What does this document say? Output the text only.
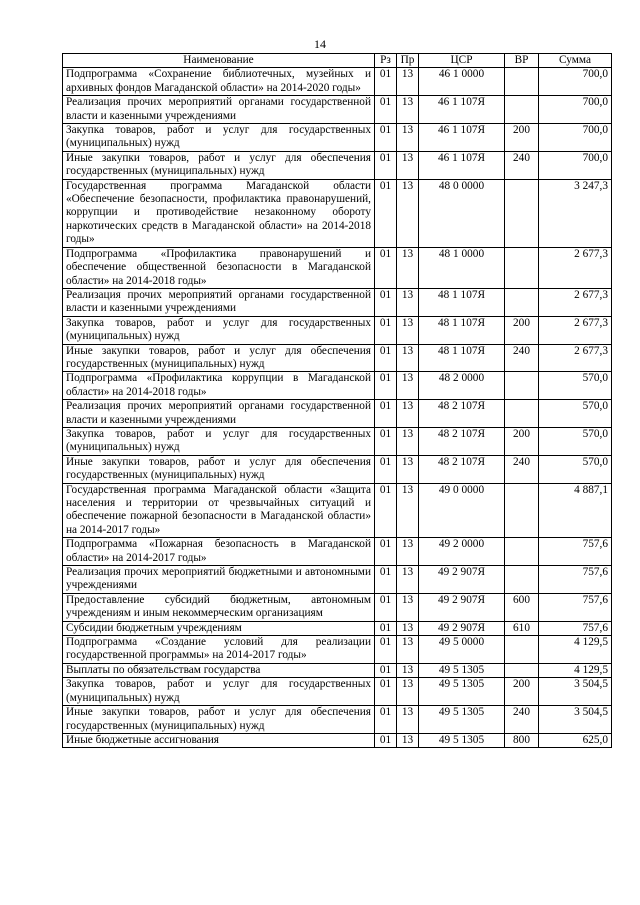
14
Наименование	Рз	Пр	ЦСР	ВР	Сумма
Подпрограмма «Сохранение библиотечных, музейных и архивных фондов Магаданской области» на 2014-2020 годы»	01	13	46 1 0000		700,0
Реализация прочих мероприятий органами государственной власти и казенными учреждениями	01	13	46 1 107Я		700,0
Закупка товаров, работ и услуг для государственных (муниципальных) нужд	01	13	46 1 107Я	200	700,0
Иные закупки товаров, работ и услуг для обеспечения государственных (муниципальных) нужд	01	13	46 1 107Я	240	700,0
Государственная программа Магаданской области «Обеспечение безопасности, профилактика правонарушений, коррупции и противодействие незаконному обороту наркотических средств в Магаданской области» на 2014-2018 годы»	01	13	48 0 0000		3 247,3
Подпрограмма «Профилактика правонарушений и обеспечение общественной безопасности в Магаданской области» на 2014-2018 годы»	01	13	48 1 0000		2 677,3
Реализация прочих мероприятий органами государственной власти и казенными учреждениями	01	13	48 1 107Я		2 677,3
Закупка товаров, работ и услуг для государственных (муниципальных) нужд	01	13	48 1 107Я	200	2 677,3
Иные закупки товаров, работ и услуг для обеспечения государственных (муниципальных) нужд	01	13	48 1 107Я	240	2 677,3
Подпрограмма «Профилактика коррупции в Магаданской области» на 2014-2018 годы»	01	13	48 2 0000		570,0
Реализация прочих мероприятий органами государственной власти и казенными учреждениями	01	13	48 2 107Я		570,0
Закупка товаров, работ и услуг для государственных (муниципальных) нужд	01	13	48 2 107Я	200	570,0
Иные закупки товаров, работ и услуг для обеспечения государственных (муниципальных) нужд	01	13	48 2 107Я	240	570,0
Государственная программа Магаданской области «Защита населения и территории от чрезвычайных ситуаций и обеспечение пожарной безопасности в Магаданской области» на 2014-2017 годы»	01	13	49 0 0000		4 887,1
Подпрограмма «Пожарная безопасность в Магаданской области» на 2014-2017 годы»	01	13	49 2 0000		757,6
Реализация прочих мероприятий бюджетными и автономными учреждениями	01	13	49 2 907Я		757,6
Предоставление субсидий бюджетным, автономным учреждениям и иным некоммерческим организациям	01	13	49 2 907Я	600	757,6
Субсидии бюджетным учреждениям	01	13	49 2 907Я	610	757,6
Подпрограмма «Создание условий для реализации государственной программы» на 2014-2017 годы»	01	13	49 5 0000		4 129,5
Выплаты по обязательствам государства	01	13	49 5 1305		4 129,5
Закупка товаров, работ и услуг для государственных (муниципальных) нужд	01	13	49 5 1305	200	3 504,5
Иные закупки товаров, работ и услуг для обеспечения государственных (муниципальных) нужд	01	13	49 5 1305	240	3 504,5
Иные бюджетные ассигнования	01	13	49 5 1305	800	625,0
